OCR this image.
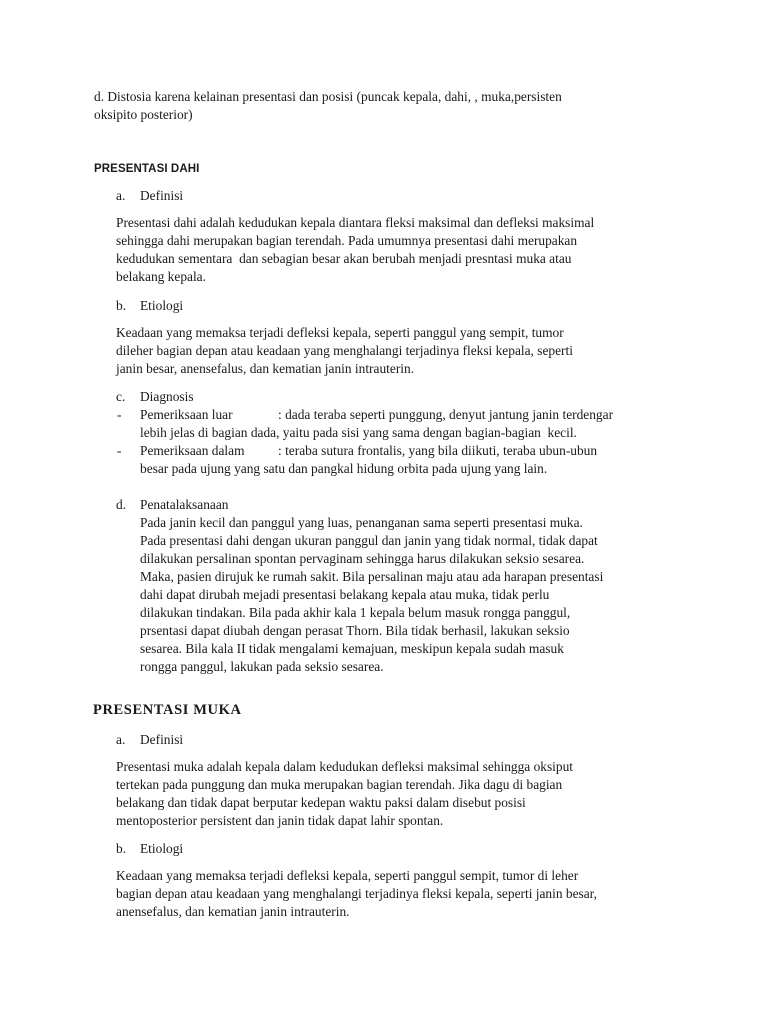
d. Distosia karena kelainan presentasi dan posisi (puncak kepala, dahi, , muka,persisten
oksipito posterior)
PRESENTASI DAHI
a. Definisi
Presentasi dahi adalah kedudukan kepala diantara fleksi maksimal dan defleksi maksimal
sehingga dahi merupakan bagian terendah. Pada umumnya presentasi dahi merupakan
kedudukan sementara  dan sebagian besar akan berubah menjadi presntasi muka atau
belakang kepala.
b. Etiologi
Keadaan yang memaksa terjadi defleksi kepala, seperti panggul yang sempit, tumor
dileher bagian depan atau keadaan yang menghalangi terjadinya fleksi kepala, seperti
janin besar, anensefalus, dan kematian janin intrauterin.
c. Diagnosis
- Pemeriksaan luar	: dada teraba seperti punggung, denyut jantung janin terdengar
lebih jelas di bagian dada, yaitu pada sisi yang sama dengan bagian-bagian  kecil.
- Pemeriksaan dalam	: teraba sutura frontalis, yang bila diikuti, teraba ubun-ubun
besar pada ujung yang satu dan pangkal hidung orbita pada ujung yang lain.
d. Penatalaksanaan
Pada janin kecil dan panggul yang luas, penanganan sama seperti presentasi muka.
Pada presentasi dahi dengan ukuran panggul dan janin yang tidak normal, tidak dapat
dilakukan persalinan spontan pervaginam sehingga harus dilakukan seksio sesarea.
Maka, pasien dirujuk ke rumah sakit. Bila persalinan maju atau ada harapan presentasi
dahi dapat dirubah mejadi presentasi belakang kepala atau muka, tidak perlu
dilakukan tindakan. Bila pada akhir kala 1 kepala belum masuk rongga panggul,
prsentasi dapat diubah dengan perasat Thorn. Bila tidak berhasil, lakukan seksio
sesarea. Bila kala II tidak mengalami kemajuan, meskipun kepala sudah masuk
rongga panggul, lakukan pada seksio sesarea.
PRESENTASI MUKA
a. Definisi
Presentasi muka adalah kepala dalam kedudukan defleksi maksimal sehingga oksiput
tertekan pada punggung dan muka merupakan bagian terendah. Jika dagu di bagian
belakang dan tidak dapat berputar kedepan waktu paksi dalam disebut posisi
mentoposterior persistent dan janin tidak dapat lahir spontan.
b. Etiologi
Keadaan yang memaksa terjadi defleksi kepala, seperti panggul sempit, tumor di leher
bagian depan atau keadaan yang menghalangi terjadinya fleksi kepala, seperti janin besar,
anensefalus, dan kematian janin intrauterin.
